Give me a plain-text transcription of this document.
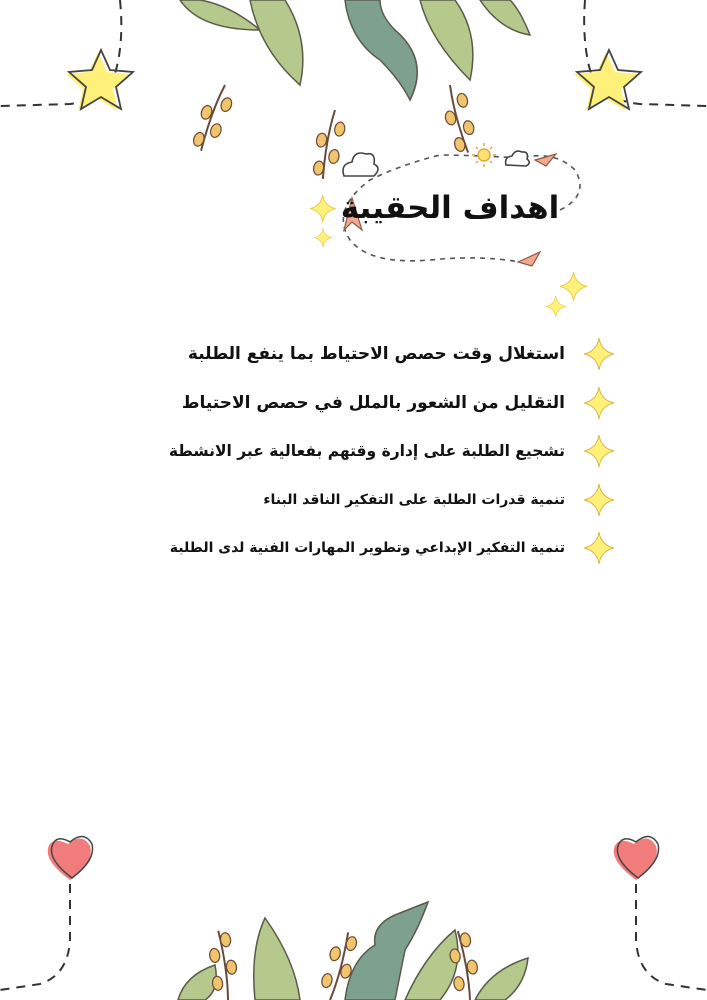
اهداف الحقيبة
استغلال وقت حصص الاحتياط بما ينفع الطلبة
التقليل من الشعور بالملل في حصص الاحتياط
تشجيع الطلبة على إدارة وقتهم بفعالية عبر الانشطة
تنمية قدرات الطلبة على التفكير الناقد البناء
تنمية التفكير الإبداعي وتطوير المهارات الفنية لدى الطلبة
